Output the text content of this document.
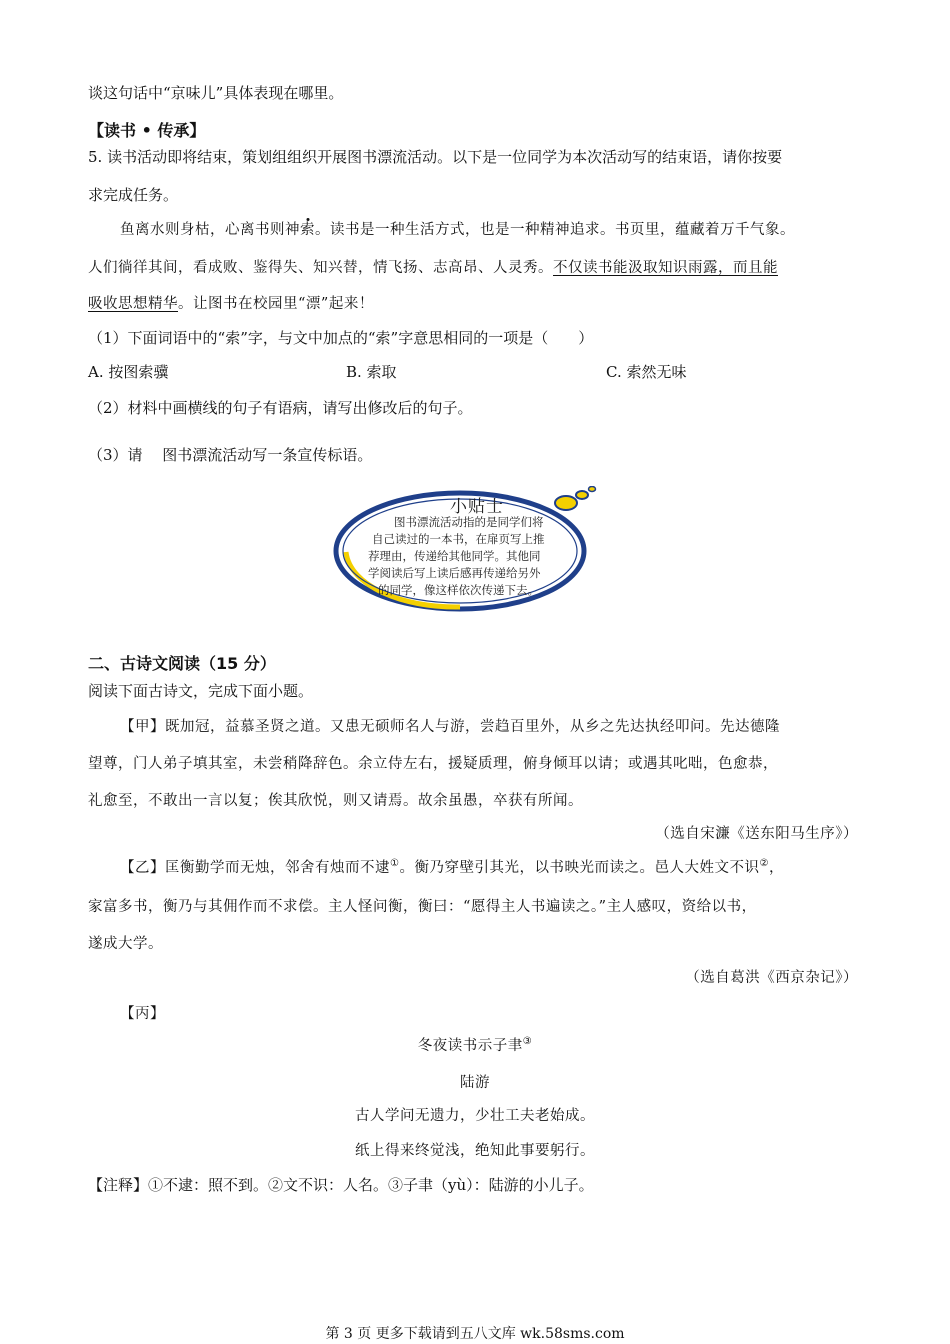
谈这句话中“京味儿”具体表现在哪里。
【读书 • 传承】
5. 读书活动即将结束，策划组组织开展图书漂流活动。以下是一位同学为本次活动写的结束语，请你按要
求完成任务。
鱼离水则身枯，心离书则神索。读书是一种生活方式，也是一种精神追求。书页里，蕴藏着万千气象。
人们徜徉其间，看成败、鉴得失、知兴替，情飞扬、志高昂、人灵秀。不仅读书能汲取知识雨露，而且能
吸收思想精华。让图书在校园里“漂”起来！
（1）下面词语中的“索”字，与文中加点的“索”字意思相同的一项是（　　）
A. 按图索骥	B. 索取	C. 索然无味
（2）材料中画横线的句子有语病，请写出修改后的句子。
（3）请　 图书漂流活动写一条宣传标语。
小贴士
图书漂流活动指的是同学们将
自己读过的一本书，在扉页写上推
荐理由，传递给其他同学。其他同
学阅读后写上读后感再传递给另外
的同学，像这样依次传递下去。
二、古诗文阅读（15 分）
阅读下面古诗文，完成下面小题。
【甲】既加冠，益慕圣贤之道。又患无硕师名人与游，尝趋百里外，从乡之先达执经叩问。先达德隆
望尊，门人弟子填其室，未尝稍降辞色。余立侍左右，援疑质理，俯身倾耳以请；或遇其叱咄，色愈恭，
礼愈至，不敢出一言以复；俟其欣悦，则又请焉。故余虽愚，卒获有所闻。
（选自宋濂《送东阳马生序》）
【乙】匡衡勤学而无烛，邻舍有烛而不逮①。衡乃穿壁引其光，以书映光而读之。邑人大姓文不识②，
家富多书，衡乃与其佣作而不求偿。主人怪问衡，衡曰：“愿得主人书遍读之。”主人感叹，资给以书，
遂成大学。
（选自葛洪《西京杂记》）
【丙】
冬夜读书示子聿③
陆游
古人学问无遗力，少壮工夫老始成。
纸上得来终觉浅，绝知此事要躬行。
【注释】①不逮：照不到。②文不识：人名。③子聿（yù）：陆游的小儿子。
第 3 页 更多下载请到五八文库 wk.58sms.com
